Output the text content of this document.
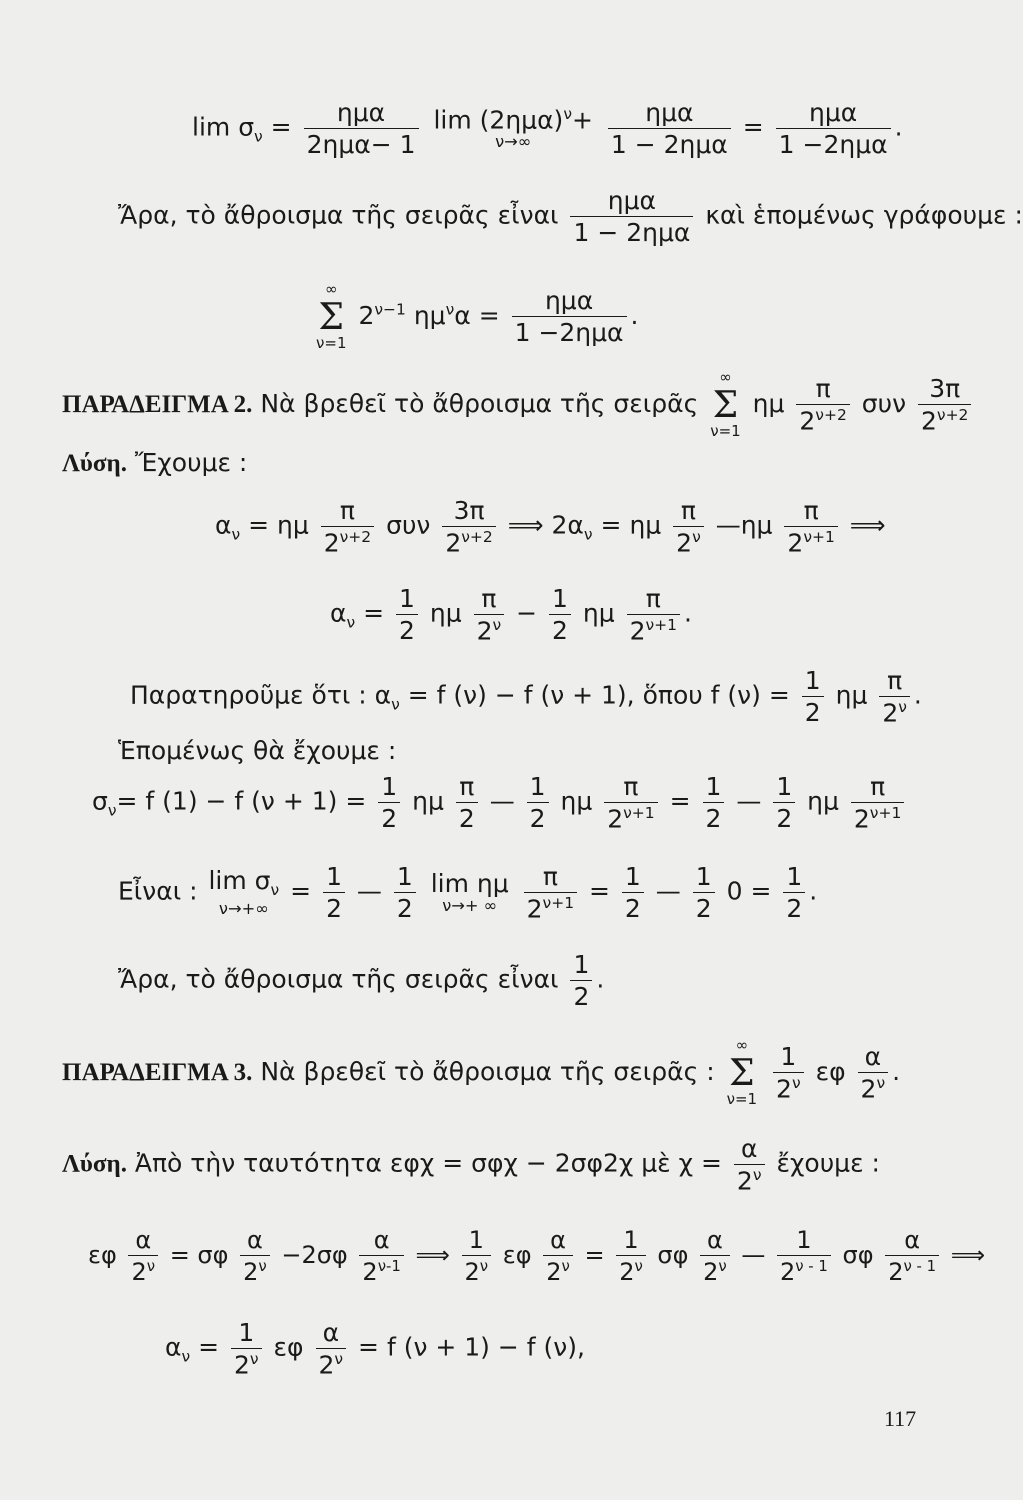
$\lim \sigma_\nu = \eta\mu\alpha$
2ημα− 1

$\lim (2\eta\mu\alpha)^\nu+$
ν→∞

ημα
1 − 2ημα
= ημα
1 −2ημα
.
Ἄρα, τὸ ἄθροισμα τῆς σειρᾶς εἶναι ημα
1 − 2ημα
καὶ ἑπομένως γράφουμε :
∞
Σ
ν=1
$2^{\nu-1}$ $\eta\mu^\nu\alpha = \eta\mu\alpha$
1 −2ημα
.
ΠΑΡΑΔΕΙΓΜΑ 2. Νὰ βρεθεῖ τὸ ἄθροισμα τῆς σειρᾶς
∞
Σ
ν=1
ημ $\frac{\pi}{2^{\nu+2}}$ συν $\frac{3\pi}{2^{\nu+2}}$
Λύση. Ἔχουμε :
$\alpha_\nu = \eta\mu \frac{\pi}{2^{\nu+2}}$ συν $\frac{3\pi}{2^{\nu+2}}$ ⟹ $2\alpha_\nu = \eta\mu \frac{\pi}{2^\nu}$ —ημ $\frac{\pi}{2^{\nu+1}}$ ⟹
$\alpha_\nu = \frac{1}{2}$ ημ $\frac{\pi}{2^\nu} - \frac{1}{2}$ ημ $\frac{\pi}{2^{\nu+1}}$ .
Παρατηροῦμε ὅτι : $\alpha_\nu = f$ (ν) − f (ν + 1), ὅπου f $(\nu) = \frac{1}{2}$ ημ $\frac{\pi}{2^\nu}$ .
Ἑπομένως θὰ ἔχουμε :
$\sigma_\nu= f$ (1) − f $(\nu + 1) = \frac{1}{2}$ ημ $\frac{\pi}{2}$ — $\frac{1}{2}$ ημ $\frac{\pi}{2^{\nu+1}} = \frac{1}{2}$ — $\frac{1}{2}$ ημ $\frac{\pi}{2^{\nu+1}}$
Εἶναι : $\lim \sigma_\nu$
ν→+∞
= $\frac{1}{2}$ — $\frac{1}{2}$
lim ημ
ν→+ ∞
$\frac{\pi}{2^{\nu+1}} = \frac{1}{2}$ — $\frac{1}{2} 0 = \frac{1}{2}$ .
Ἄρα, τὸ ἄθροισμα τῆς σειρᾶς εἶναι $\frac{1}{2}$ .
ΠΑΡΑΔΕΙΓΜΑ 3. Νὰ βρεθεῖ τὸ ἄθροισμα τῆς σειρᾶς :
∞
Σ
ν=1
$\frac{1}{2^\nu}$ εφ $\frac{\alpha}{2^\nu}$ .
Λύση. Ἀπὸ τὴν ταυτότητα εφχ = σφχ − 2σφ2χ μὲ $\chi = \frac{\alpha}{2^\nu}$ ἔχουμε :
εφ $\frac{\alpha}{2^\nu} = \sigma\varphi \frac{\alpha}{2^\nu} -2\sigma\varphi \frac{\alpha}{2^{\nu-1}}$ ⟹ $\frac{1}{2^\nu}$ εφ $\frac{\alpha}{2^\nu} = \frac{1}{2^\nu}$ σφ $\frac{\alpha}{2^\nu}$ — $\frac{1}{2^{\nu - 1}}$ σφ $\frac{\alpha}{2^{\nu - 1}}$ ⟹
$\alpha_\nu = \frac{1}{2^\nu}$ εφ $\frac{\alpha}{2^\nu} = f$ (ν + 1) − f (ν),
117
